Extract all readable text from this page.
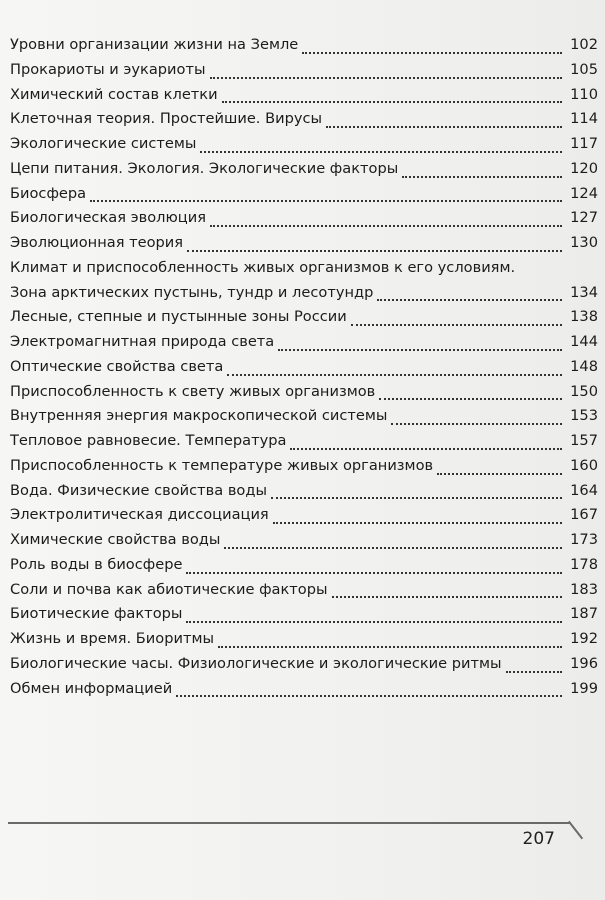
Уровни организации жизни на Земле	102
Прокариоты и эукариоты	105
Химический состав клетки	110
Клеточная теория. Простейшие. Вирусы	114
Экологические системы	117
Цепи питания. Экология. Экологические факторы	120
Биосфера	124
Биологическая эволюция	127
Эволюционная теория	130
Климат и приспособленность живых организмов к его условиям.
Зона арктических пустынь, тундр и лесотундр	134
Лесные, степные и пустынные зоны России	138
Электромагнитная природа света	144
Оптические свойства света	148
Приспособленность к свету живых организмов	150
Внутренняя энергия макроскопической системы	153
Тепловое равновесие. Температура	157
Приспособленность к температуре живых организмов	160
Вода. Физические свойства воды	164
Электролитическая диссоциация	167
Химические свойства воды	173
Роль воды в биосфере	178
Соли и почва как абиотические факторы	183
Биотические факторы	187
Жизнь и время. Биоритмы	192
Биологические часы. Физиологические и экологические ритмы	196
Обмен информацией	199
207
